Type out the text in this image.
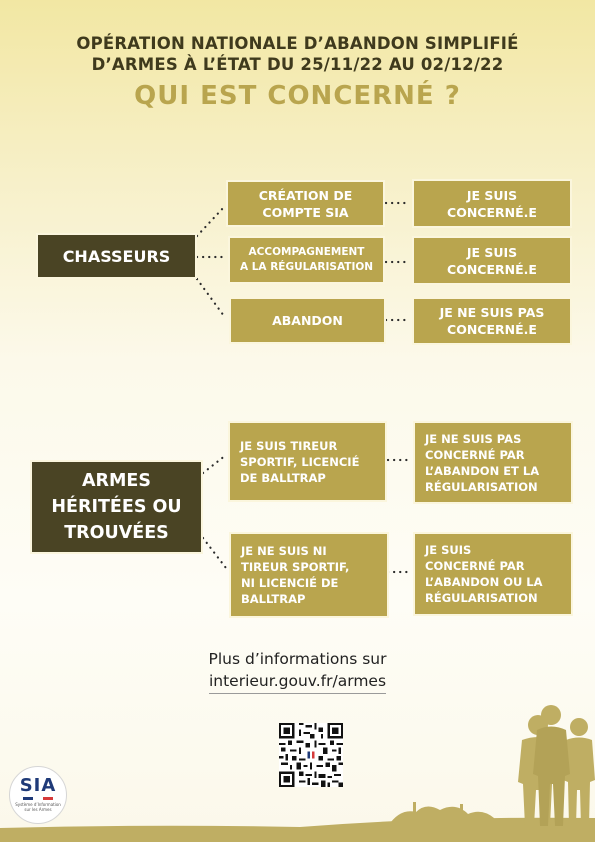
OPÉRATION NATIONALE D’ABANDON SIMPLIFIÉ
D’ARMES À L’ÉTAT DU 25/11/22 AU 02/12/22
QUI EST CONCERNÉ ?
CHASSEURS
CRÉATION DE
COMPTE SIA
JE SUIS
CONCERNÉ.E
ACCOMPAGNEMENT
A LA RÉGULARISATION
JE SUIS
CONCERNÉ.E
ABANDON
JE NE SUIS PAS
CONCERNÉ.E
ARMES
HÉRITÉES OU
TROUVÉES
JE SUIS TIREUR
SPORTIF, LICENCIÉ
DE BALLTRAP
JE NE SUIS PAS
CONCERNÉ PAR
L’ABANDON ET LA
RÉGULARISATION
JE NE SUIS NI
TIREUR SPORTIF,
NI LICENCIÉ DE
BALLTRAP
JE SUIS
CONCERNÉ PAR
L’ABANDON OU LA
RÉGULARISATION
Plus d’informations sur
interieur.gouv.fr/armes
SIA
Système d’Information
sur les Armes
